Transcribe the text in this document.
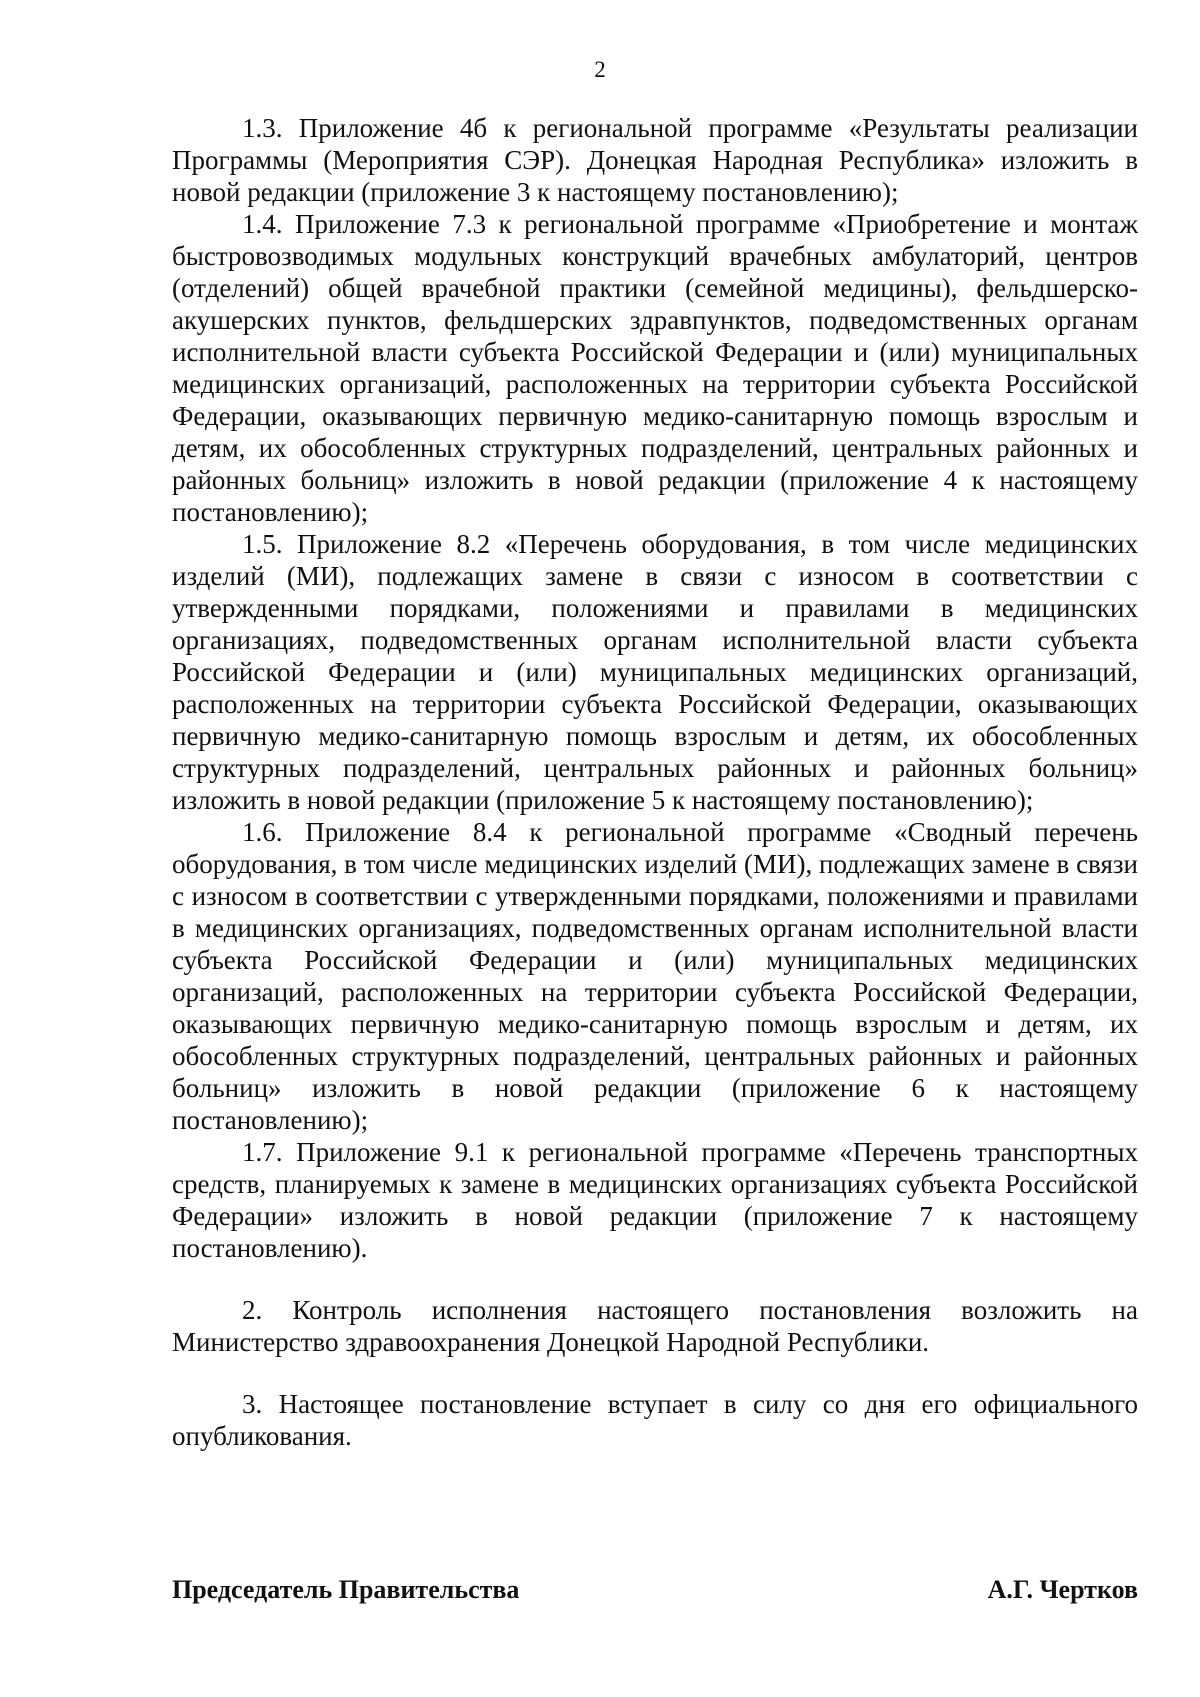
2

1.3. Приложение 4б к региональной программе «Результаты реализации Программы (Мероприятия СЭР). Донецкая Народная Республика» изложить в новой редакции (приложение 3 к настоящему постановлению);

1.4. Приложение 7.3 к региональной программе «Приобретение и монтаж быстровозводимых модульных конструкций врачебных амбулаторий, центров (отделений) общей врачебной практики (семейной медицины), фельдшерско-акушерских пунктов, фельдшерских здравпунктов, подведомственных органам исполнительной власти субъекта Российской Федерации и (или) муниципальных медицинских организаций, расположенных на территории субъекта Российской Федерации, оказывающих первичную медико-санитарную помощь взрослым и детям, их обособленных структурных подразделений, центральных районных и районных больниц» изложить в новой редакции (приложение 4 к настоящему постановлению);

1.5. Приложение 8.2 «Перечень оборудования, в том числе медицинских изделий (МИ), подлежащих замене в связи с износом в соответствии с утвержденными порядками, положениями и правилами в медицинских организациях, подведомственных органам исполнительной власти субъекта Российской Федерации и (или) муниципальных медицинских организаций, расположенных на территории субъекта Российской Федерации, оказывающих первичную медико-санитарную помощь взрослым и детям, их обособленных структурных подразделений, центральных районных и районных больниц» изложить в новой редакции (приложение 5 к настоящему постановлению);

1.6. Приложение 8.4 к региональной программе «Сводный перечень оборудования, в том числе медицинских изделий (МИ), подлежащих замене в связи с износом в соответствии с утвержденными порядками, положениями и правилами в медицинских организациях, подведомственных органам исполнительной власти субъекта Российской Федерации и (или) муниципальных медицинских организаций, расположенных на территории субъекта Российской Федерации, оказывающих первичную медико-санитарную помощь взрослым и детям, их обособленных структурных подразделений, центральных районных и районных больниц» изложить в новой редакции (приложение 6 к настоящему постановлению);

1.7. Приложение 9.1 к региональной программе «Перечень транспортных средств, планируемых к замене в медицинских организациях субъекта Российской Федерации» изложить в новой редакции (приложение 7 к настоящему постановлению).

2. Контроль исполнения настоящего постановления возложить на Министерство здравоохранения Донецкой Народной Республики.

3. Настоящее постановление вступает в силу со дня его официального опубликования.

Председатель Правительства	А.Г. Чертков
